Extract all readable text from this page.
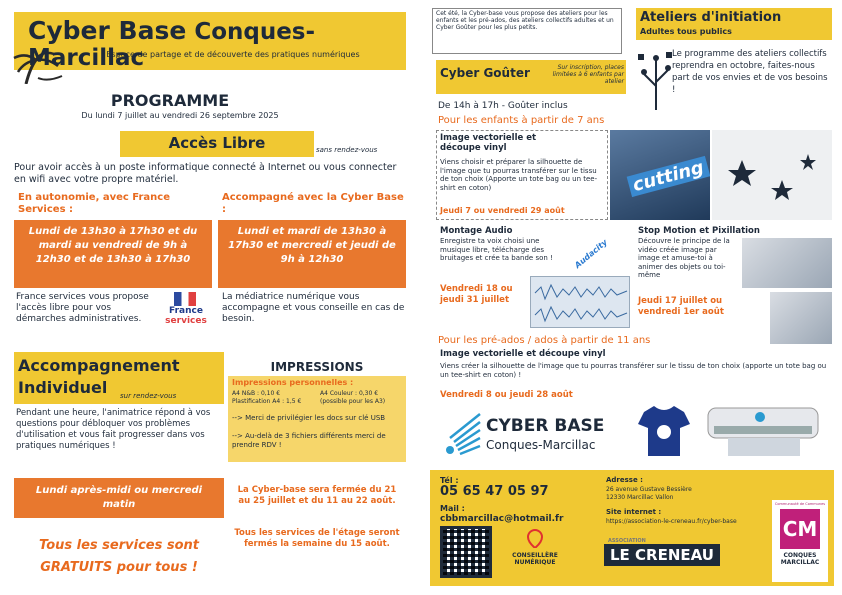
Cyber Base Conques-Marcillac
Espace de partage et de découverte des pratiques numériques
PROGRAMME
Du lundi 7 juillet au vendredi 26 septembre 2025
Accès Libre	sans rendez-vous
Pour avoir accès à un poste informatique connecté à Internet ou vous connecter en wifi avec votre propre matériel.
En autonomie, avec France Services :
Lundi de 13h30 à 17h30 et du mardi au vendredi de 9h à 12h30 et de 13h30 à 17h30
France services vous propose l'accès libre pour vos démarches administratives.
France
services
Accompagné avec la Cyber Base :
Lundi et mardi de 13h30 à 17h30 et mercredi et jeudi de 9h à 12h30
La médiatrice numérique vous accompagne et vous conseille en cas de besoin.
Accompagnement
Individuel	sur rendez-vous
Pendant une heure, l'animatrice répond à vos questions pour débloquer vos problèmes d'utilisation et vous fait progresser dans vos pratiques numériques !
Lundi après-midi ou mercredi matin
Tous les services sont
GRATUITS pour tous !
IMPRESSIONS
Impressions personnelles :
A4 N&B : 0,10 €	A4 Couleur : 0,30 €
Plastification A4 : 1,5 €	(possible pour les A3)
--> Merci de privilégier les docs sur clé USB
--> Au-delà de 3 fichiers différents merci de prendre RDV !
La Cyber-base sera fermée du 21 au 25 juillet et du 11 au 22 août.
Tous les services de l'étage seront fermés la semaine du 15 août.
Cet été, la Cyber-base vous propose des ateliers pour les enfants et les pré-ados, des ateliers collectifs adultes et un Cyber Goûter pour les plus petits.
Ateliers d'initiation
Adultes tous publics
Le programme des ateliers collectifs reprendra en octobre, faites-nous part de vos envies et de vos besoins !
Cyber Goûter	Sur inscription, places limitées à 6 enfants par atelier
De 14h à 17h - Goûter inclus
Pour les enfants à partir de 7 ans
Image vectorielle et découpe vinyl
Viens choisir et préparer la silhouette de l'image que tu pourras transférer sur le tissu de ton choix (Apporte un tote bag ou un tee-shirt en coton)
Jeudi 7 ou vendredi 29 août
cutting
Montage Audio
Enregistre ta voix choisi une musique libre, télécharge des bruitages et crée ta bande son !
Vendredi 18 ou jeudi 31 juillet
Audacity
Stop Motion et Pixillation
Découvre le principe de la vidéo créée image par image et amuse-toi à animer des objets ou toi-même
Jeudi 17 juillet ou vendredi 1er août
Pour les pré-ados / ados à partir de 11 ans
Image vectorielle et découpe vinyl
Viens créer la silhouette de l'image que tu pourras transférer sur le tissu de ton choix (apporte un tote bag ou un tee-shirt en coton) !
Vendredi 8 ou jeudi 28 août
CYBER BASE
Conques-Marcillac
Tél :
05 65 47 05 97
Mail :
cbbmarcillac@hotmail.fr
CONSEILLÈRE
NUMÉRIQUE
Adresse :
26 avenue Gustave Bessière
12330 Marcillac Vallon
Site internet :
https://association-le-creneau.fr/cyber-base
ASSOCIATION
LE CRENEAU
Communauté de Communes
CM
CONQUES
MARCILLAC
